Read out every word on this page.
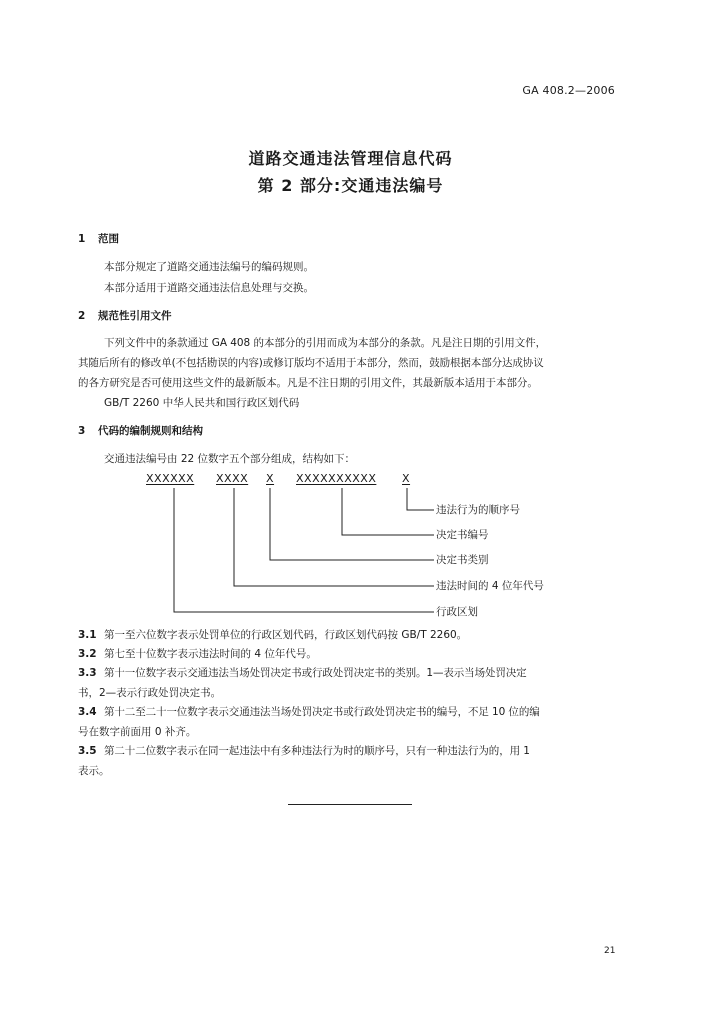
GA 408.2—2006
道路交通违法管理信息代码
第 2 部分:交通违法编号
1 范围
本部分规定了道路交通违法编号的编码规则。
本部分适用于道路交通违法信息处理与交换。
2 规范性引用文件
下列文件中的条款通过 GA 408 的本部分的引用而成为本部分的条款。凡是注日期的引用文件，
其随后所有的修改单(不包括勘误的内容)或修订版均不适用于本部分，然而，鼓励根据本部分达成协议
的各方研究是否可使用这些文件的最新版本。凡是不注日期的引用文件，其最新版本适用于本部分。
GB/T 2260 中华人民共和国行政区划代码
3 代码的编制规则和结构
交通违法编号由 22 位数字五个部分组成，结构如下：
XXXXXX XXXX X XXXXXXXXXX X
违法行为的顺序号
决定书编号
决定书类别
违法时间的 4 位年代号
行政区划
3.1 第一至六位数字表示处罚单位的行政区划代码，行政区划代码按 GB/T 2260。
3.2 第七至十位数字表示违法时间的 4 位年代号。
3.3 第十一位数字表示交通违法当场处罚决定书或行政处罚决定书的类别。1—表示当场处罚决定
书，2—表示行政处罚决定书。
3.4 第十二至二十一位数字表示交通违法当场处罚决定书或行政处罚决定书的编号，不足 10 位的编
号在数字前面用 0 补齐。
3.5 第二十二位数字表示在同一起违法中有多种违法行为时的顺序号，只有一种违法行为的，用 1
表示。
21
